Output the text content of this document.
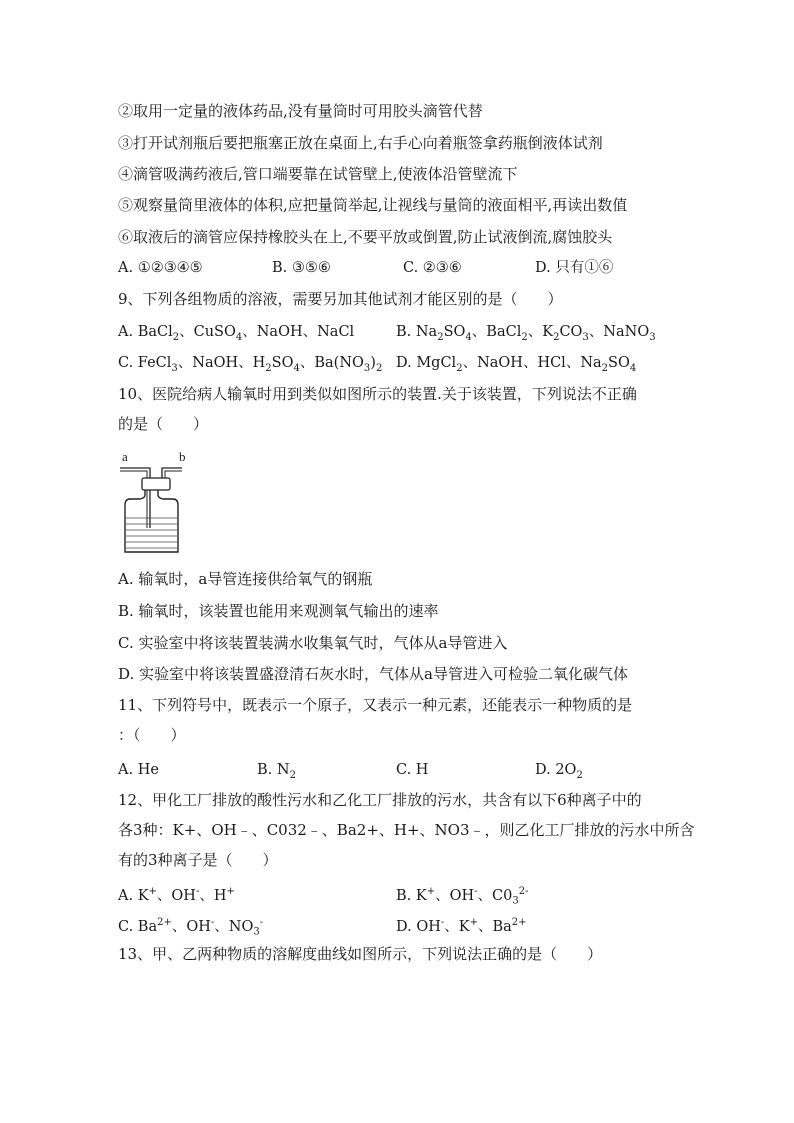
②取用一定量的液体药品,没有量筒时可用胶头滴管代替
③打开试剂瓶后要把瓶塞正放在桌面上,右手心向着瓶签拿药瓶倒液体试剂
④滴管吸满药液后,管口端要靠在试管壁上,使液体沿管壁流下
⑤观察量筒里液体的体积,应把量筒举起,让视线与量筒的液面相平,再读出数值
⑥取液后的滴管应保持橡胶头在上,不要平放或倒置,防止试液倒流,腐蚀胶头
A. ①②③④⑤	B. ③⑤⑥	C. ②③⑥	D. 只有①⑥
9、下列各组物质的溶液，需要另加其他试剂才能区别的是（　　）
A. BaCl$_2$、CuSO$_4$、NaOH、NaCl	B. $Na_2SO_4$、BaCl$_2$、$K_2CO_3$、NaNO$_3$
C. FeCl$_3$、NaOH、$H_2SO_4$、$Ba(NO_3)_2$ D. MgCl$_2$、NaOH、HCl、$Na_2SO_4$
10、医院给病人输氧时用到类似如图所示的装置.关于该装置，下列说法不正确
的是（　　）
a	b
A. 输氧时，a导管连接供给氧气的钢瓶
B. 输氧时，该装置也能用来观测氧气输出的速率
C. 实验室中将该装置装满水收集氧气时，气体从a导管进入
D. 实验室中将该装置盛澄清石灰水时，气体从a导管进入可检验二氧化碳气体
11、下列符号中，既表示一个原子，又表示一种元素，还能表示一种物质的是
：（　　）
A. He	B. $N_2$	C. H	D. $2O_2$
12、甲化工厂排放的酸性污水和乙化工厂排放的污水，共含有以下6种离子中的
各3种：K+、OH﹣、C032﹣、Ba2+、H+、NO3﹣，则乙化工厂排放的污水中所含
有的3种离子是（　　）
A. K+、OH-、H+	B. K+、OH-、$C0_3^{2-}$
C. $Ba^{2+}$、OH-、$NO_3^-$	D. OH-、K+、$Ba^{2+}$
13、甲、乙两种物质的溶解度曲线如图所示，下列说法正确的是（　　）
